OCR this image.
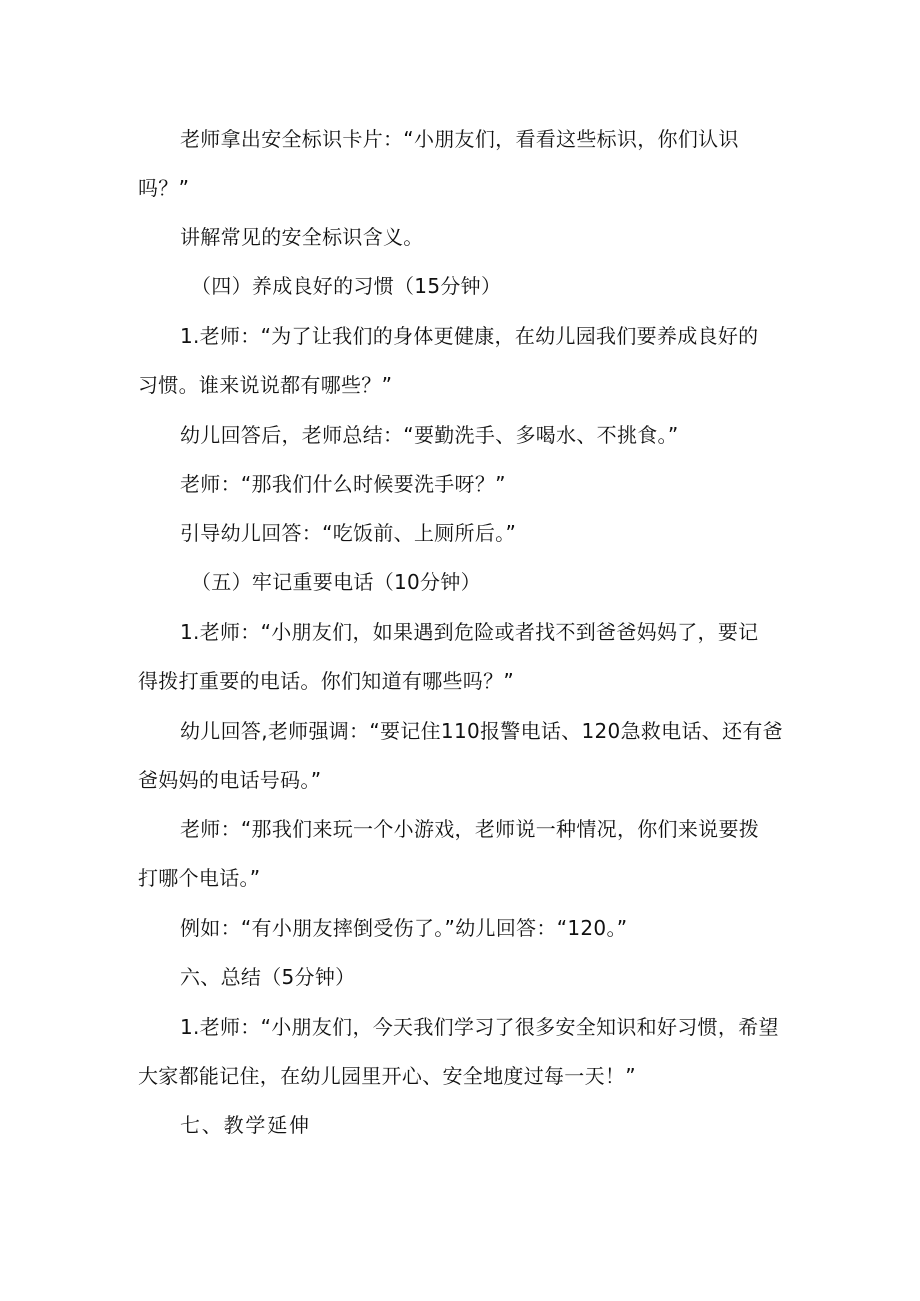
老师拿出安全标识卡片：“小朋友们，看看这些标识，你们认识

吗？”

讲解常见的安全标识含义。

（四）养成良好的习惯（15分钟）

1.老师：“为了让我们的身体更健康，在幼儿园我们要养成良好的

习惯。谁来说说都有哪些？”

幼儿回答后，老师总结：“要勤洗手、多喝水、不挑食。”

老师：“那我们什么时候要洗手呀？”

引导幼儿回答：“吃饭前、上厕所后。”

（五）牢记重要电话（10分钟）

1.老师：“小朋友们，如果遇到危险或者找不到爸爸妈妈了，要记

得拨打重要的电话。你们知道有哪些吗？”

幼儿回答,老师强调：“要记住110报警电话、120急救电话、还有爸

爸妈妈的电话号码。”

老师：“那我们来玩一个小游戏，老师说一种情况，你们来说要拨

打哪个电话。”

例如：“有小朋友摔倒受伤了。”幼儿回答：“120。”

六、总结（5分钟）

1.老师：“小朋友们，今天我们学习了很多安全知识和好习惯，希望

大家都能记住，在幼儿园里开心、安全地度过每一天！”

七、教学延伸
